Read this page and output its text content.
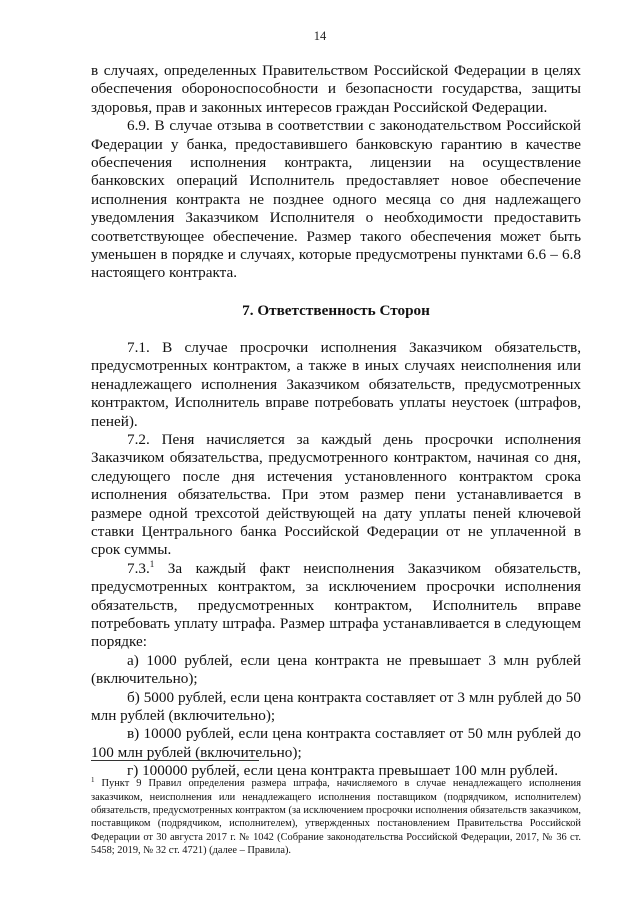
14

в случаях, определенных Правительством Российской Федерации в целях обеспечения обороноспособности и безопасности государства, защиты здоровья, прав и законных интересов граждан Российской Федерации.

6.9. В случае отзыва в соответствии с законодательством Российской Федерации у банка, предоставившего банковскую гарантию в качестве обеспечения исполнения контракта, лицензии на осуществление банковских операций Исполнитель предоставляет новое обеспечение исполнения контракта не позднее одного месяца со дня надлежащего уведомления Заказчиком Исполнителя о необходимости предоставить соответствующее обеспечение. Размер такого обеспечения может быть уменьшен в порядке и случаях, которые предусмотрены пунктами 6.6 – 6.8 настоящего контракта.

7. Ответственность Сторон

7.1. В случае просрочки исполнения Заказчиком обязательств, предусмотренных контрактом, а также в иных случаях неисполнения или ненадлежащего исполнения Заказчиком обязательств, предусмотренных контрактом, Исполнитель вправе потребовать уплаты неустоек (штрафов, пеней).

7.2. Пеня начисляется за каждый день просрочки исполнения Заказчиком обязательства, предусмотренного контрактом, начиная со дня, следующего после дня истечения установленного контрактом срока исполнения обязательства. При этом размер пени устанавливается в размере одной трехсотой действующей на дату уплаты пеней ключевой ставки Центрального банка Российской Федерации от не уплаченной в срок суммы.

7.3.$^1$ За каждый факт неисполнения Заказчиком обязательств, предусмотренных контрактом, за исключением просрочки исполнения обязательств, предусмотренных контрактом, Исполнитель вправе потребовать уплату штрафа. Размер штрафа устанавливается в следующем порядке:

а) 1000 рублей, если цена контракта не превышает 3 млн рублей (включительно);

б) 5000 рублей, если цена контракта составляет от 3 млн рублей до 50 млн рублей (включительно);

в) 10000 рублей, если цена контракта составляет от 50 млн рублей до 100 млн рублей (включительно);

г) 100000 рублей, если цена контракта превышает 100 млн рублей.

$^1$ Пункт 9 Правил определения размера штрафа, начисляемого в случае ненадлежащего исполнения заказчиком, неисполнения или ненадлежащего исполнения поставщиком (подрядчиком, исполнителем) обязательств, предусмотренных контрактом (за исключением просрочки исполнения обязательств заказчиком, поставщиком (подрядчиком, исполнителем), утвержденных постановлением Правительства Российской Федерации от 30 августа 2017 г. № 1042 (Собрание законодательства Российской Федерации, 2017, № 36 ст. 5458; 2019, № 32 ст. 4721) (далее – Правила).
